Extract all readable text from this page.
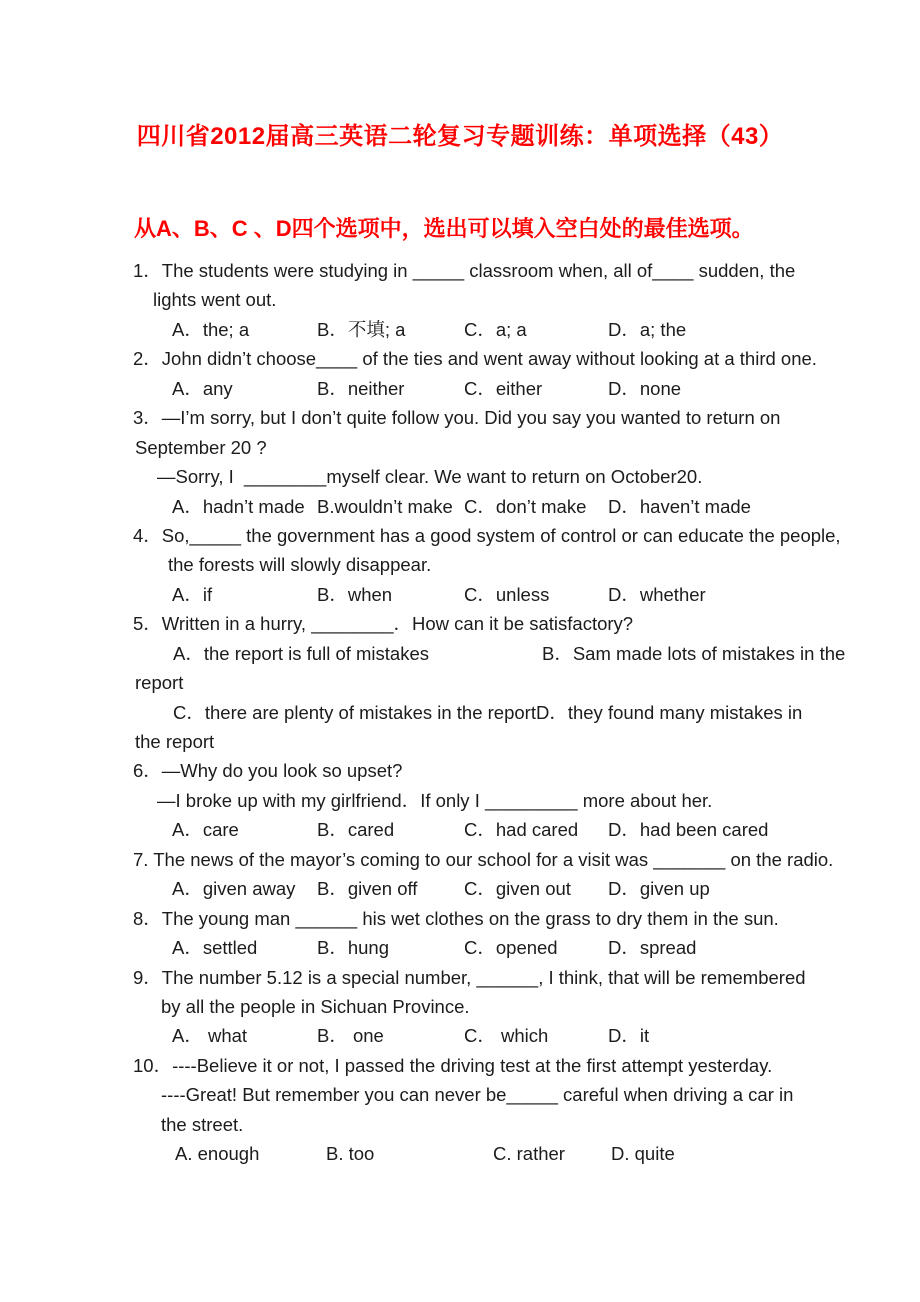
四川省2012届高三英语二轮复习专题训练：单项选择（43）
从A、B、C 、D四个选项中，选出可以填入空白处的最佳选项。
1．The students were studying in _____ classroom when, all of____ sudden, the
lights went out.
A．the; a	B．不填; a	C．a; a	D．a; the
2．John didn’t choose____ of the ties and went away without looking at a third one.
A．any	B．neither	C．either	D．none
3．—I’m sorry, but I don’t quite follow you. Did you say you wanted to return on
September 20 ?
—Sorry, I  ________myself clear. We want to return on October20.
A．hadn’t made B.wouldn’t make C．don’t make D．haven’t made
4．So,_____ the government has a good system of control or can educate the people,
the forests will slowly disappear.
A．if	B．when	C．unless	D．whether
5．Written in a hurry, ________．How can it be satisfactory?
A．the report is full of mistakes	B．Sam made lots of mistakes in the
report
C．there are plenty of mistakes in the reportD．they found many mistakes in
the report
6．—Why do you look so upset?
—I broke up with my girlfriend．If only I _________ more about her.
A．care	B．cared	C．had cared D．had been cared
7. The news of the mayor’s coming to our school for a visit was _______ on the radio.
A．given away B．given off	C．given out D．given up
8．The young man ______ his wet clothes on the grass to dry them in the sun.
A．settled	B．hung	C．opened	D．spread
9．The number 5.12 is a special number, ______, I think, that will be remembered
by all the people in Sichuan Province.
A． what	B． one	C． which	D．it
10．----Believe it or not, I passed the driving test at the first attempt yesterday.
----Great! But remember you can never be_____ careful when driving a car in
the street.
A. enough	B. too	C. rather D. quite
